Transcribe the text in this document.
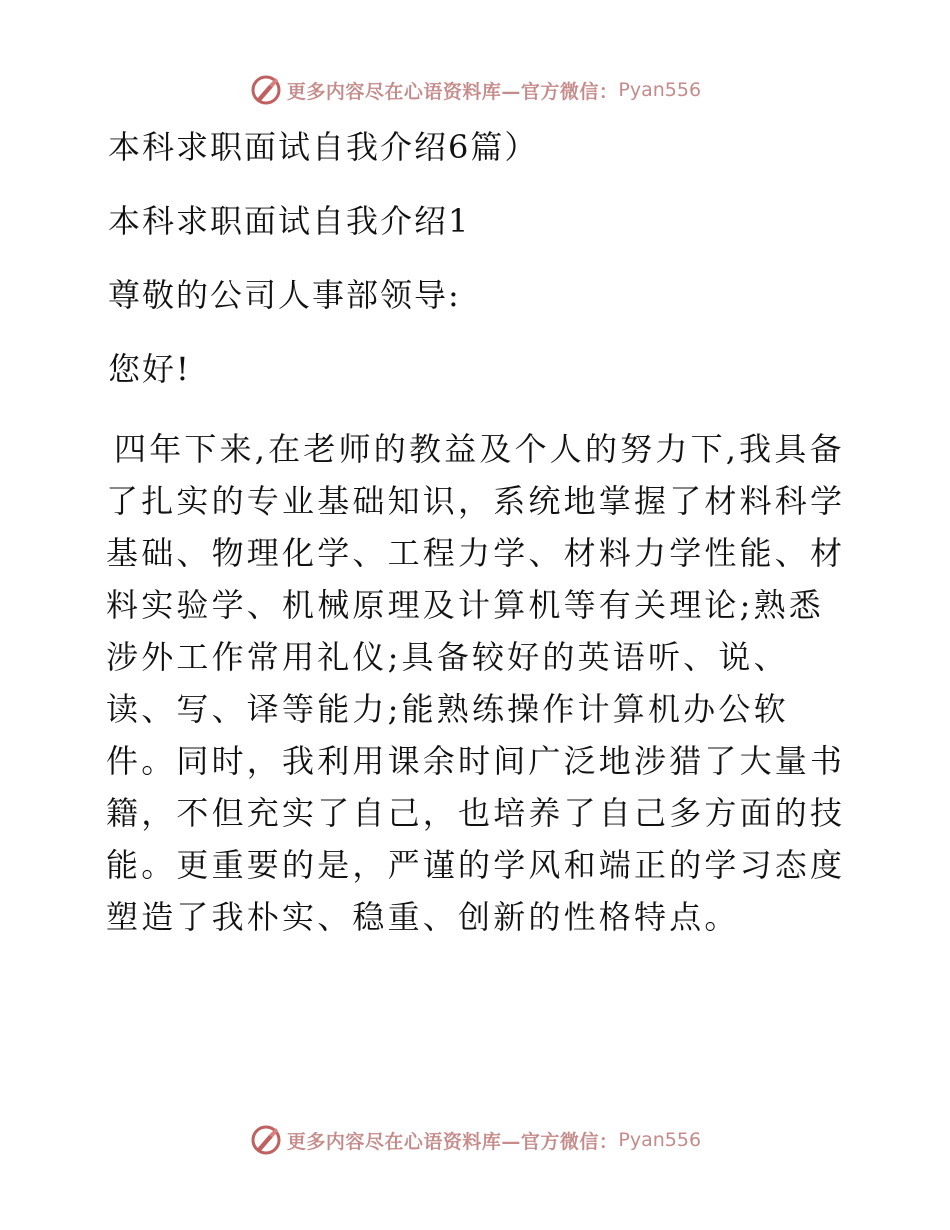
更多内容尽在心语资料库—官方微信： Pyan556
本科求职面试自我介绍6篇）
本科求职面试自我介绍1
尊敬的公司人事部领导:
您好!

四年下来,在老师的教益及个人的努力下,我具备了扎实的专业基础知识，系统地掌握了材料科学基础、物理化学、工程力学、材料力学性能、材料实验学、机械原理及计算机等有关理论;熟悉涉外工作常用礼仪;具备较好的英语听、说、读、写、译等能力;能熟练操作计算机办公软件。同时，我利用课余时间广泛地涉猎了大量书籍，不但充实了自己，也培养了自己多方面的技能。更重要的是，严谨的学风和端正的学习态度塑造了我朴实、稳重、创新的性格特点。

更多内容尽在心语资料库—官方微信： Pyan556
